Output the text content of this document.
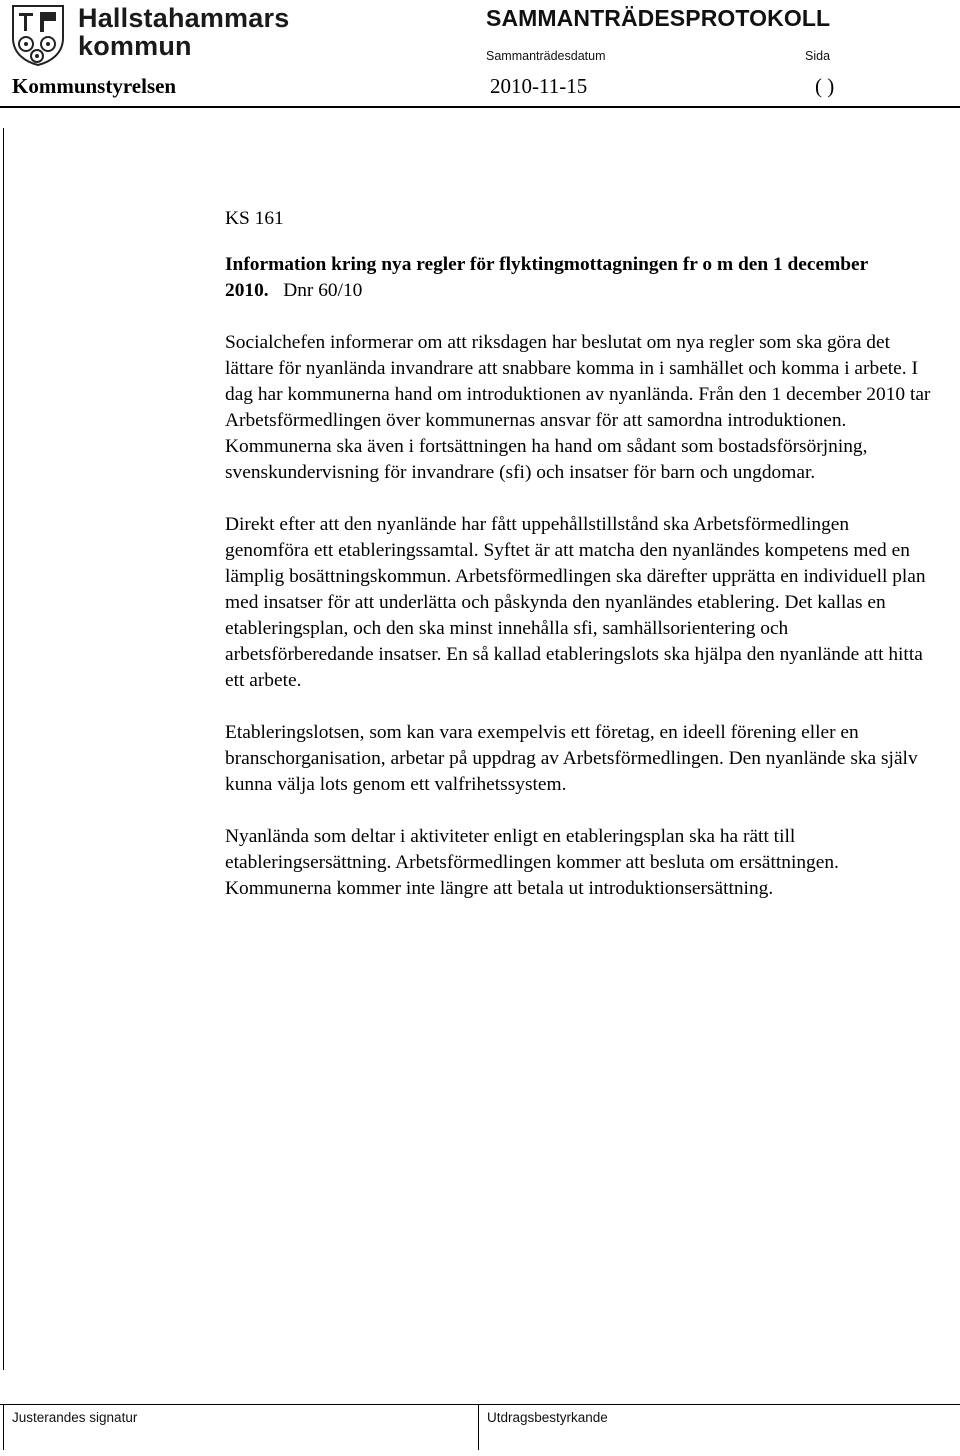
Hallstahammars
kommun
SAMMANTRÄDESPROTOKOLL
Sammanträdesdatum	Sida
Kommunstyrelsen	2010-11-15	( )
KS 161
Information kring nya regler för flyktingmottagningen fr o m den 1 december 2010. Dnr 60/10

Socialchefen informerar om att riksdagen har beslutat om nya regler som ska göra det lättare för nyanlända invandrare att snabbare komma in i samhället och komma i arbete. I dag har kommunerna hand om introduktionen av nyanlända. Från den 1 december 2010 tar Arbetsförmedlingen över kommunernas ansvar för att samordna introduktionen. Kommunerna ska även i fortsättningen ha hand om sådant som bostadsförsörjning, svenskundervisning för invandrare (sfi) och insatser för barn och ungdomar.

Direkt efter att den nyanlände har fått uppehållstillstånd ska Arbetsförmedlingen genomföra ett etableringssamtal. Syftet är att matcha den nyanländes kompetens med en lämplig bosättningskommun. Arbetsförmedlingen ska därefter upprätta en individuell plan med insatser för att underlätta och påskynda den nyanländes etablering. Det kallas en etableringsplan, och den ska minst innehålla sfi, samhällsorientering och arbetsförberedande insatser. En så kallad etableringslots ska hjälpa den nyanlände att hitta ett arbete.

Etableringslotsen, som kan vara exempelvis ett företag, en ideell förening eller en branschorganisation, arbetar på uppdrag av Arbetsförmedlingen. Den nyanlände ska själv kunna välja lots genom ett valfrihetssystem.

Nyanlända som deltar i aktiviteter enligt en etableringsplan ska ha rätt till etableringsersättning. Arbetsförmedlingen kommer att besluta om ersättningen. Kommunerna kommer inte längre att betala ut introduktionsersättning.

Justerandes signatur	Utdragsbestyrkande
